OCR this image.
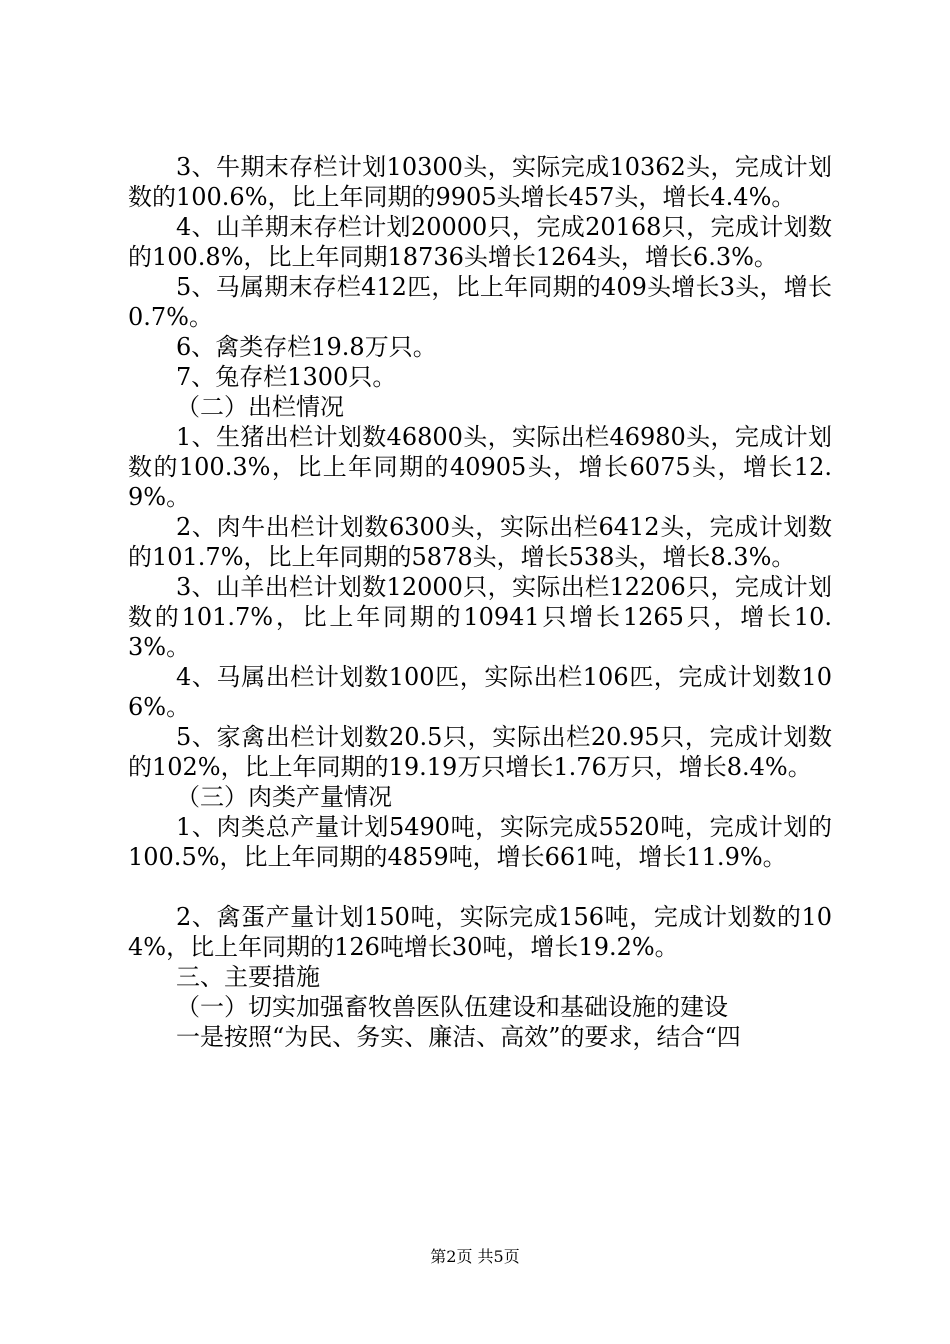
3、牛期末存栏计划10300头，实际完成10362头，完成计划数的100.6%，比上年同期的9905头增长457头，增长4.4%。

4、山羊期末存栏计划20000只，完成20168只，完成计划数的100.8%，比上年同期18736头增长1264头，增长6.3%。

5、马属期末存栏412匹，比上年同期的409头增长3头，增长0.7%。

6、禽类存栏19.8万只。

7、兔存栏1300只。

（二）出栏情况

1、生猪出栏计划数46800头，实际出栏46980头，完成计划数的100.3%，比上年同期的40905头，增长6075头，增长12.9%。

2、肉牛出栏计划数6300头，实际出栏6412头，完成计划数的101.7%，比上年同期的5878头，增长538头，增长8.3%。

3、山羊出栏计划数12000只，实际出栏12206只，完成计划数的101.7%，比上年同期的10941只增长1265只，增长10.3%。

4、马属出栏计划数100匹，实际出栏106匹，完成计划数106%。

5、家禽出栏计划数20.5只，实际出栏20.95只，完成计划数的102%，比上年同期的19.19万只增长1.76万只，增长8.4%。

（三）肉类产量情况

1、肉类总产量计划5490吨，实际完成5520吨，完成计划的100.5%，比上年同期的4859吨，增长661吨，增长11.9%。

2、禽蛋产量计划150吨，实际完成156吨，完成计划数的104%，比上年同期的126吨增长30吨，增长19.2%。

三、主要措施

（一）切实加强畜牧兽医队伍建设和基础设施的建设

一是按照“为民、务实、廉洁、高效”的要求，结合“四

第2页 共5页
